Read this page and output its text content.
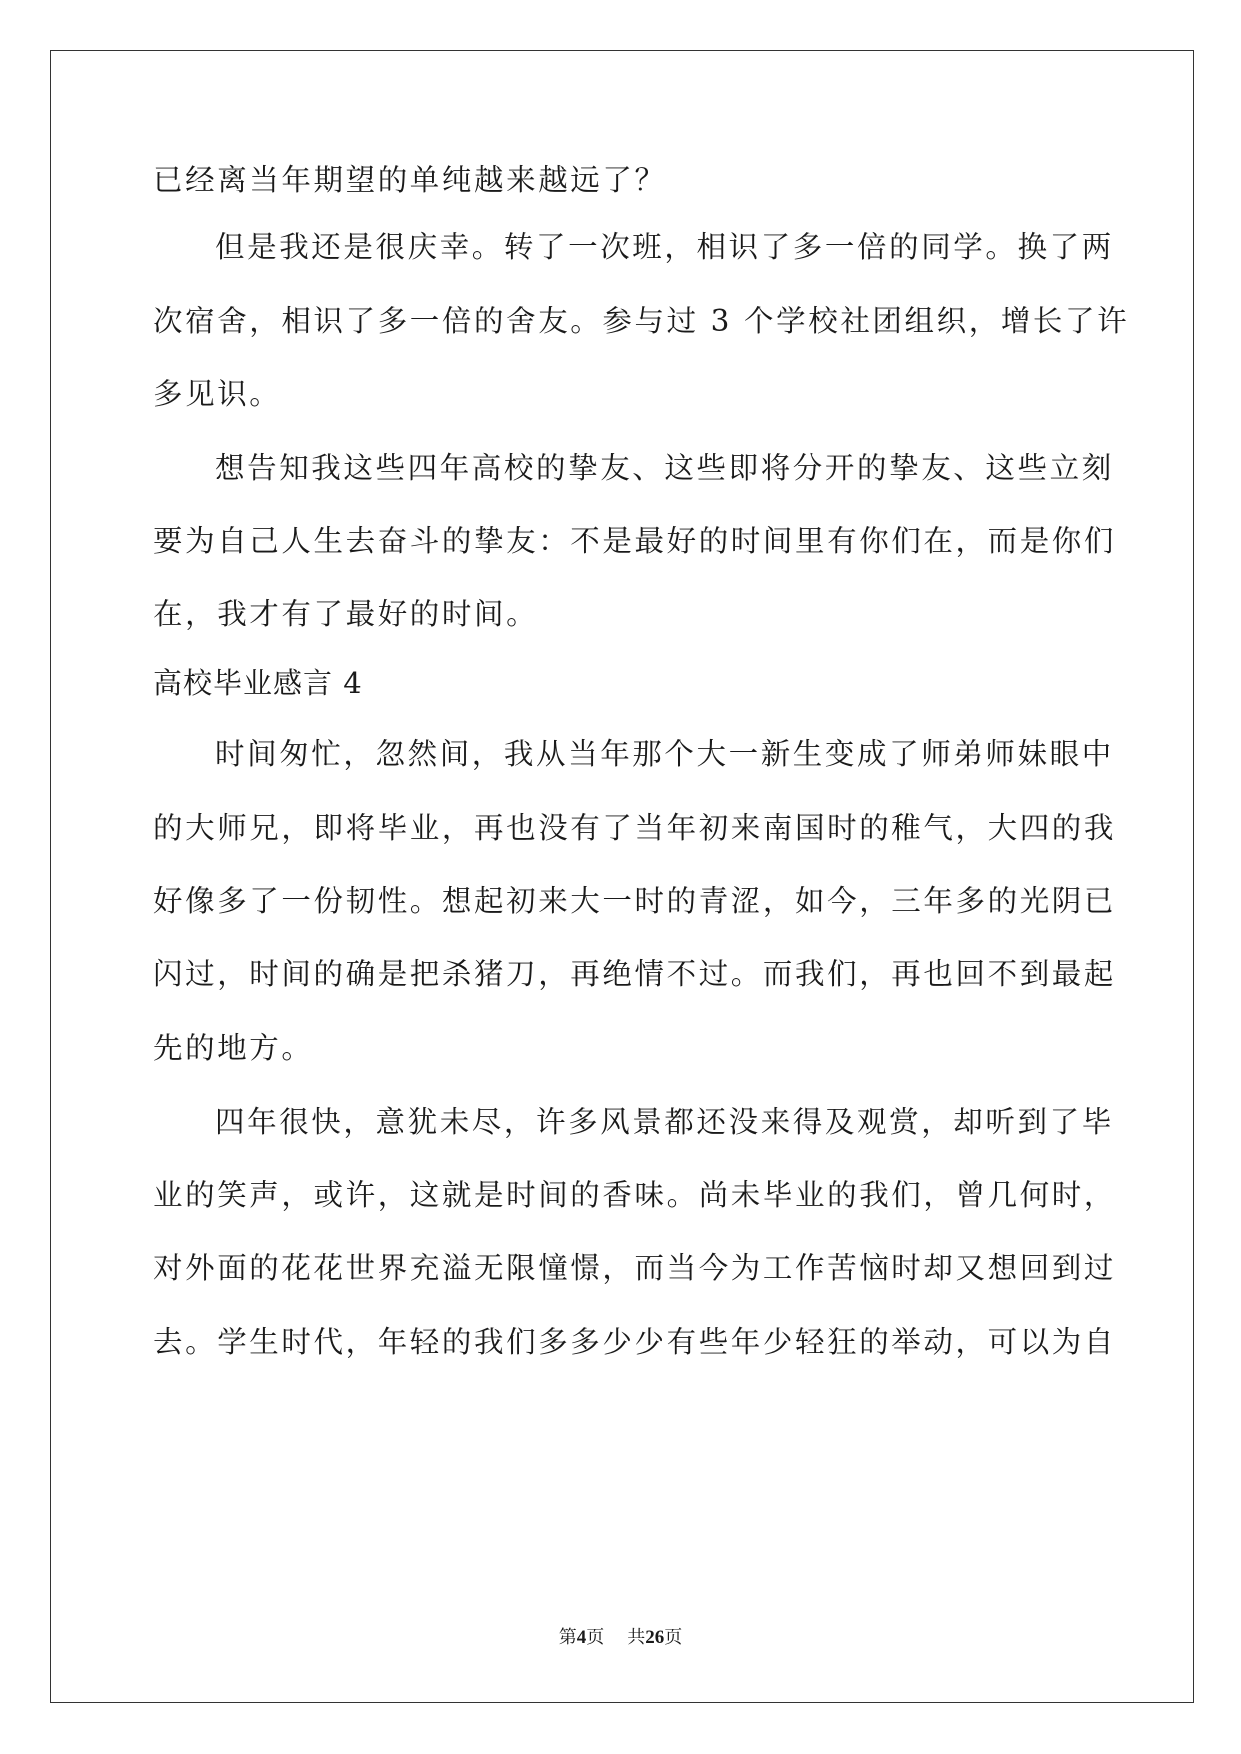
已经离当年期望的单纯越来越远了？
但是我还是很庆幸。转了一次班，相识了多一倍的同学。换了两
次宿舍，相识了多一倍的舍友。参与过 3 个学校社团组织，增长了许
多见识。
想告知我这些四年高校的挚友、这些即将分开的挚友、这些立刻
要为自己人生去奋斗的挚友：不是最好的时间里有你们在，而是你们
在，我才有了最好的时间。
高校毕业感言 4
时间匆忙，忽然间，我从当年那个大一新生变成了师弟师妹眼中
的大师兄，即将毕业，再也没有了当年初来南国时的稚气，大四的我
好像多了一份韧性。想起初来大一时的青涩，如今，三年多的光阴已
闪过，时间的确是把杀猪刀，再绝情不过。而我们，再也回不到最起
先的地方。
四年很快，意犹未尽，许多风景都还没来得及观赏，却听到了毕
业的笑声，或许，这就是时间的香味。尚未毕业的我们，曾几何时，
对外面的花花世界充溢无限憧憬，而当今为工作苦恼时却又想回到过
去。学生时代，年轻的我们多多少少有些年少轻狂的举动，可以为自
第4页 共26页
